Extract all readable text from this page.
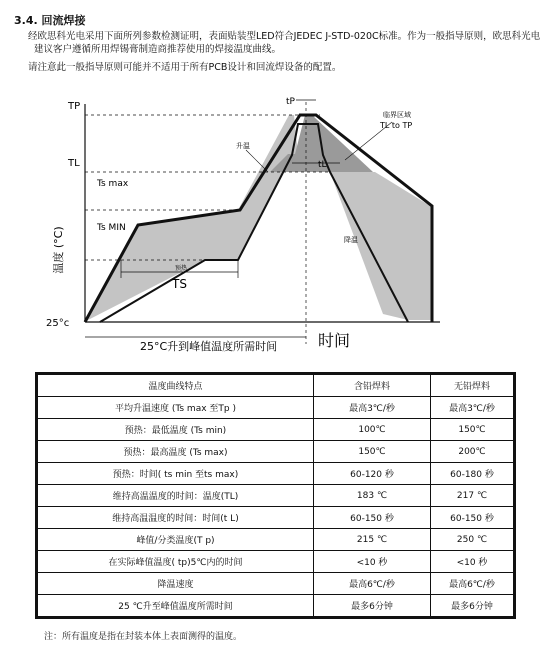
3.4. 回流焊接
经欧思科光电采用下面所列参数检测证明，表面贴装型LED符合JEDEC J-STD-020C标准。作为一般指导原则，欧思科光电
建议客户遵循所用焊锡膏制造商推荐使用的焊接温度曲线。
请注意此一般指导原则可能并不适用于所有PCB设计和回流焊设备的配置。
TP
TL
Ts max
Ts MIN
25°c
温度 (°C)
tP
tL
临界区域
TL to TP
升温
降温
预热
TS
25°C升到峰值温度所需时间	时间
温度曲线特点	含铅焊料	无铅焊料
平均升温速度 (Ts max 至Tp )	最高3℃/秒	最高3℃/秒
预热：最低温度 (Ts min)	100℃	150℃
预热：最高温度 (Ts max)	150℃	200℃
预热：时间( ts min 至ts max)	60-120 秒	60-180 秒
维持高温温度的时间：温度(TL)	183 ℃	217 ℃
维持高温温度的时间：时间(t L)	60-150 秒	60-150 秒
峰值/分类温度(T p)	215 ℃	250 ℃
在实际峰值温度( tp)5℃内的时间	<10 秒	<10 秒
降温速度	最高6℃/秒	最高6℃/秒
25 ℃升至峰值温度所需时间	最多6分钟	最多6分钟
注：所有温度是指在封装本体上表面测得的温度。
